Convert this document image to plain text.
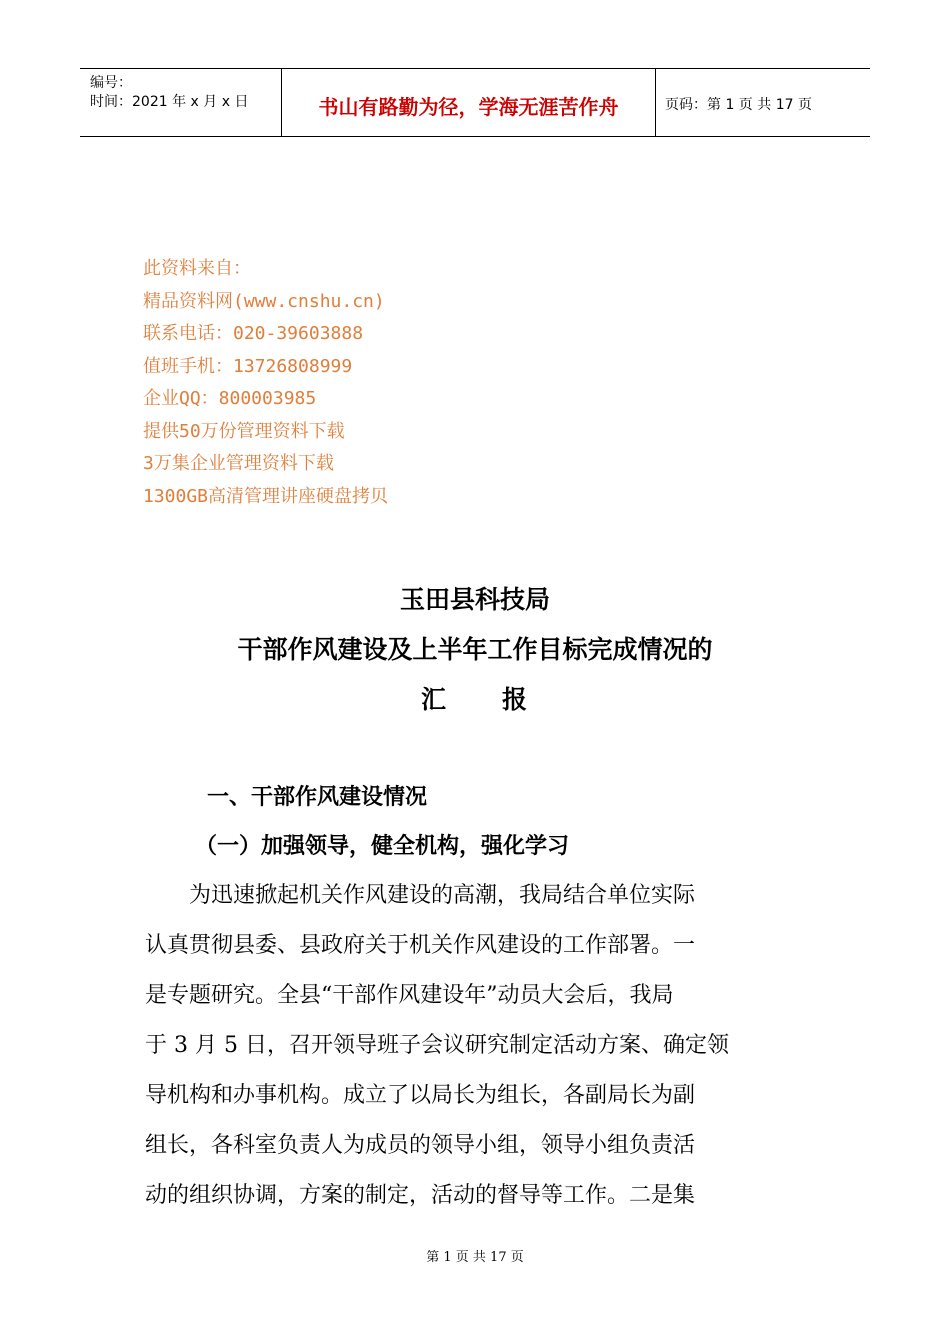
编号：
时间：2021 年 x 月 x 日	书山有路勤为径，学海无涯苦作舟	页码：第 1 页 共 17 页
此资料来自：
精品资料网(www.cnshu.cn)
联系电话：020-39603888
值班手机：13726808999
企业QQ：800003985
提供50万份管理资料下载
3万集企业管理资料下载
1300GB高清管理讲座硬盘拷贝
玉田县科技局
干部作风建设及上半年工作目标完成情况的
汇　　报
一、干部作风建设情况
（一）加强领导，健全机构，强化学习
　　为迅速掀起机关作风建设的高潮，我局结合单位实际
认真贯彻县委、县政府关于机关作风建设的工作部署。一
是专题研究。全县“干部作风建设年”动员大会后，我局
于 3 月 5 日，召开领导班子会议研究制定活动方案、确定领
导机构和办事机构。成立了以局长为组长，各副局长为副
组长，各科室负责人为成员的领导小组，领导小组负责活
动的组织协调，方案的制定，活动的督导等工作。二是集
第 1 页 共 17 页
